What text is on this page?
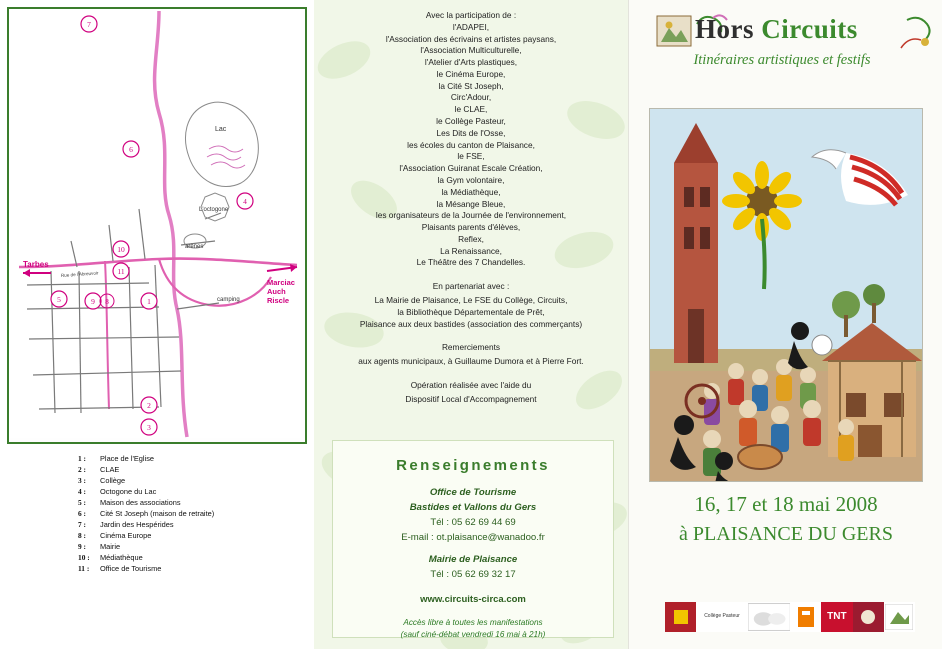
Lac
L'octogone
arènes
camping
Rue de l'Abreuvoir
Tarbes
Marciac
Auch
Riscle
7
6
4
10
11
5	1
9 8
2
3
1 :	Place de l'Eglise
2 :	CLAE
3 :	Collège
4 :	Octogone du Lac
5 :	Maison des associations
6 :	Cité St Joseph (maison de retraite)
7 :	Jardin des Hespérides
8 :	Cinéma Europe
9 :	Mairie
10 :	Médiathèque
11 :	Office de Tourisme
Avec la participation de :
l'ADAPEI,
l'Association des écrivains et artistes paysans,
l'Association Multiculturelle,
l'Atelier d'Arts plastiques,
le Cinéma Europe,
la Cité St Joseph,
Circ'Adour,
le CLAE,
le Collège Pasteur,
Les Dits de l'Osse,
les écoles du canton de Plaisance,
le FSE,
l'Association Guiranat Escale Création,
la Gym volontaire,
la Médiathèque,
la Mésange Bleue,
les organisateurs de la Journée de l'environnement,
Plaisants parents d'élèves,
Reflex,
La Renaissance,
Le Théâtre des 7 Chandelles.
En partenariat avec :
La Mairie de Plaisance, Le FSE du Collège, Circuits,
la Bibliothèque Départementale de Prêt,
Plaisance aux deux bastides (association des commerçants)
Remerciements
aux agents municipaux, à Guillaume Dumora et à Pierre Fort.
Opération réalisée avec l'aide du
Dispositif Local d'Accompagnement
Renseignements
Office de Tourisme
Bastides et Vallons du Gers
Tél : 05 62 69 44 69
E-mail : ot.plaisance@wanadoo.fr
Mairie de Plaisance
Tél : 05 62 69 32 17
www.circuits-circa.com
Accès libre à toutes les manifestations
(sauf ciné-débat vendredi 16 mai à 21h)
Hors Circuits
Itinéraires artistiques et festifs
16, 17 et 18 mai 2008
à PLAISANCE DU GERS
Collège Pasteur	TNT
